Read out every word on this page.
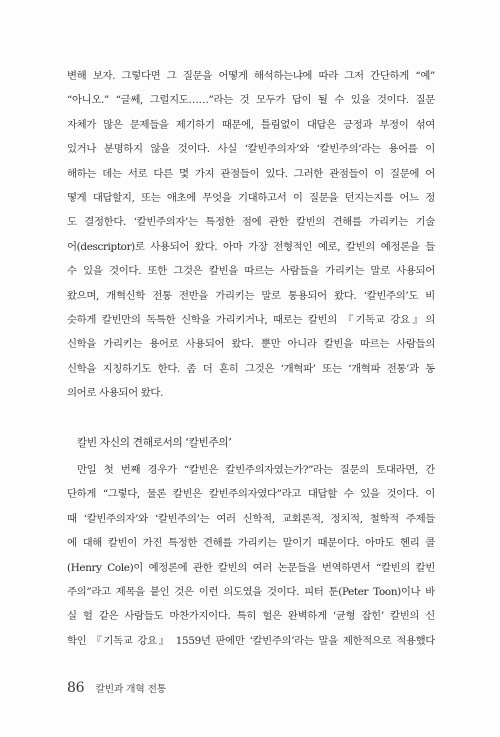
변해 보자. 그렇다면 그 질문을 어떻게 해석하는냐에 따라 그저 간단하게 “예”
“아니오.” “글쎄, 그럴지도……”라는 것 모두가 답이 될 수 있을 것이다. 질문
자체가 많은 문제들을 제기하기 때문에, 틀림없이 대답은 긍정과 부정이 섞여
있거나 분명하지 않을 것이다. 사실 ‘칼빈주의자’와 ‘칼빈주의’라는 용어를 이
해하는 데는 서로 다른 몇 가지 관점들이 있다. 그러한 관점들이 이 질문에 어
떻게 대답할지, 또는 애초에 무엇을 기대하고서 이 질문을 던지는지를 어느 정
도 결정한다. ‘칼빈주의자’는 특정한 점에 관한 칼빈의 견해를 가리키는 기술
어(descriptor)로 사용되어 왔다. 아마 가장 전형적인 예로, 칼빈의 예정론을 들
수 있을 것이다. 또한 그것은 칼빈을 따르는 사람들을 가리키는 말로 사용되어
왔으며, 개혁신학 전통 전반을 가리키는 말로 통용되어 왔다. ‘칼빈주의’도 비
슷하게 칼빈만의 독특한 신학을 가리키거나, 때로는 칼빈의 『기독교 강요』의
신학을 가리키는 용어로 사용되어 왔다. 뿐만 아니라 칼빈을 따르는 사람들의
신학을 지칭하기도 한다. 좀 더 흔히 그것은 ‘개혁파’ 또는 ‘개혁파 전통’과 동
의어로 사용되어 왔다.
칼빈 자신의 견해로서의 ‘칼빈주의’
만일 첫 번째 경우가 “칼빈은 칼빈주의자였는가?”라는 질문의 토대라면, 간
단하게 “그렇다, 물론 칼빈은 칼빈주의자였다”라고 대답할 수 있을 것이다. 이
때 ‘칼빈주의자’와 ‘칼빈주의’는 여러 신학적, 교회론적, 정치적, 철학적 주제들
에 대해 칼빈이 가진 특정한 견해를 가리키는 말이기 때문이다. 아마도 헨리 콜
(Henry Cole)이 예정론에 관한 칼빈의 여러 논문들을 번역하면서 “칼빈의 칼빈
주의”라고 제목을 붙인 것은 이런 의도였을 것이다. 피터 툰(Peter Toon)이나 바
실 헐 같은 사람들도 마찬가지이다. 특히 헐은 완벽하게 ‘균형 잡힌’ 칼빈의 신
학인 『기독교 강요』 1559년 판에만 ‘칼빈주의’라는 말을 제한적으로 적용했다
86 칼빈과 개혁 전통
